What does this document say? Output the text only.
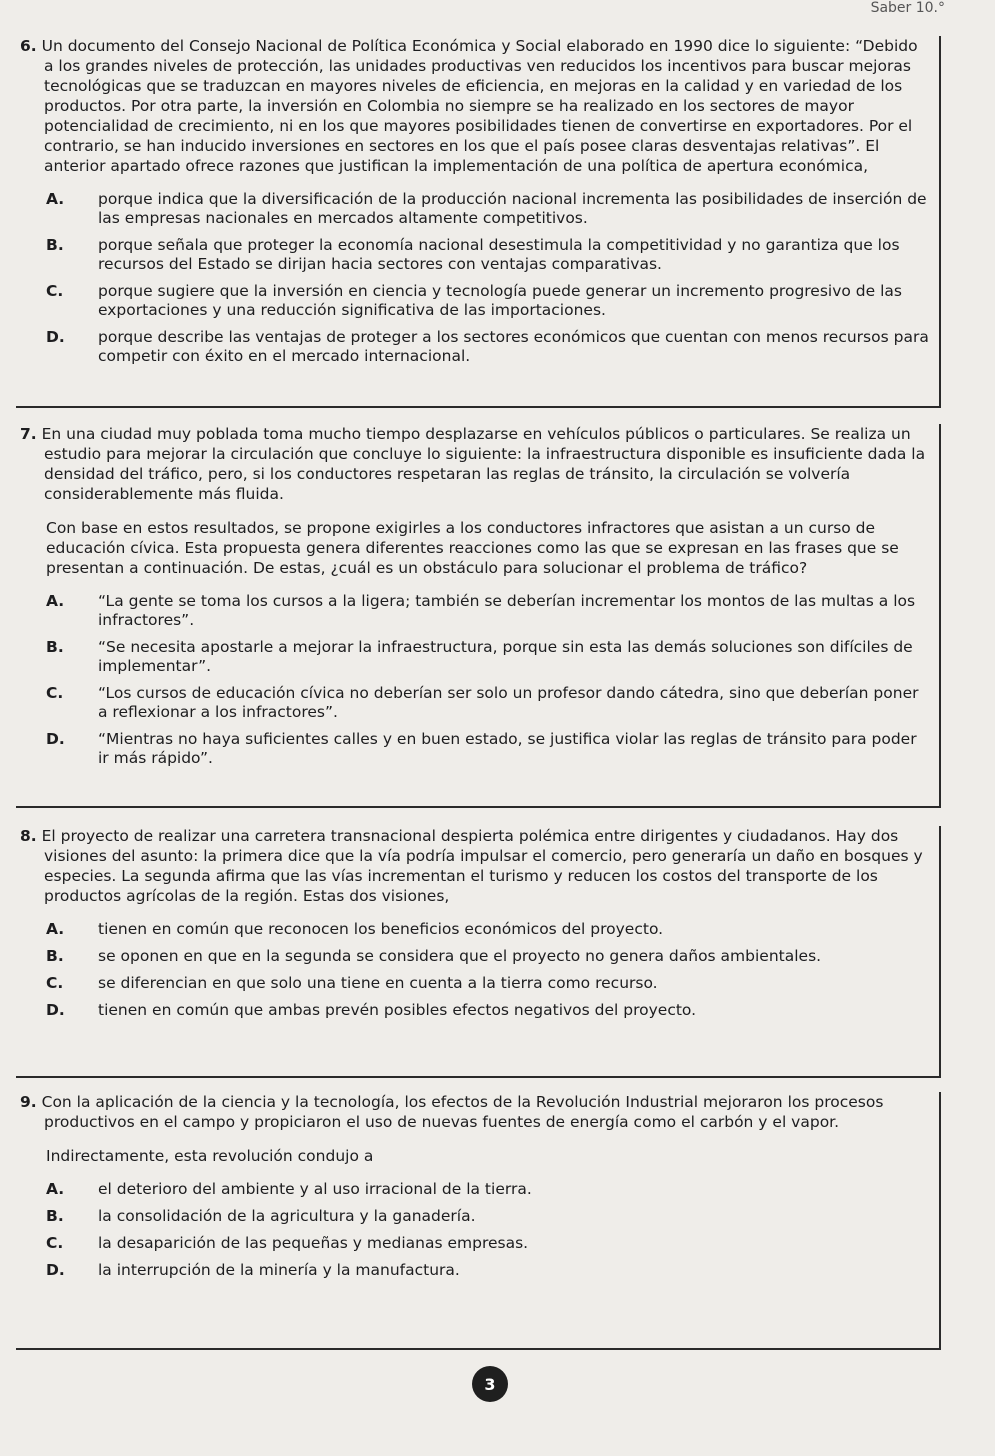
Saber 10.°

6. Un documento del Consejo Nacional de Política Económica y Social elaborado en 1990 dice lo siguiente: “Debido a los grandes niveles de protección, las unidades productivas ven reducidos los incentivos para buscar mejoras tecnológicas que se traduzcan en mayores niveles de eficiencia, en mejoras en la calidad y en variedad de los productos. Por otra parte, la inversión en Colombia no siempre se ha realizado en los sectores de mayor potencialidad de crecimiento, ni en los que mayores posibilidades tienen de convertirse en exportadores. Por el contrario, se han inducido inversiones en sectores en los que el país posee claras desventajas relativas”. El anterior apartado ofrece razones que justifican la implementación de una política de apertura económica,

A.	porque indica que la diversificación de la producción nacional incrementa las posibilidades de inserción de las empresas nacionales en mercados altamente competitivos.
B.	porque señala que proteger la economía nacional desestimula la competitividad y no garantiza que los recursos del Estado se dirijan hacia sectores con ventajas comparativas.
C.	porque sugiere que la inversión en ciencia y tecnología puede generar un incremento progresivo de las exportaciones y una reducción significativa de las importaciones.
D.	porque describe las ventajas de proteger a los sectores económicos que cuentan con menos recursos para competir con éxito en el mercado internacional.

7. En una ciudad muy poblada toma mucho tiempo desplazarse en vehículos públicos o particulares. Se realiza un estudio para mejorar la circulación que concluye lo siguiente: la infraestructura disponible es insuficiente dada la densidad del tráfico, pero, si los conductores respetaran las reglas de tránsito, la circulación se volvería considerablemente más fluida.

Con base en estos resultados, se propone exigirles a los conductores infractores que asistan a un curso de educación cívica. Esta propuesta genera diferentes reacciones como las que se expresan en las frases que se presentan a continuación. De estas, ¿cuál es un obstáculo para solucionar el problema de tráfico?

A.	“La gente se toma los cursos a la ligera; también se deberían incrementar los montos de las multas a los infractores”.
B.	“Se necesita apostarle a mejorar la infraestructura, porque sin esta las demás soluciones son difíciles de implementar”.
C.	“Los cursos de educación cívica no deberían ser solo un profesor dando cátedra, sino que deberían poner a reflexionar a los infractores”.
D.	“Mientras no haya suficientes calles y en buen estado, se justifica violar las reglas de tránsito para poder ir más rápido”.

8. El proyecto de realizar una carretera transnacional despierta polémica entre dirigentes y ciudadanos. Hay dos visiones del asunto: la primera dice que la vía podría impulsar el comercio, pero generaría un daño en bosques y especies. La segunda afirma que las vías incrementan el turismo y reducen los costos del transporte de los productos agrícolas de la región. Estas dos visiones,

A.	tienen en común que reconocen los beneficios económicos del proyecto.
B.	se oponen en que en la segunda se considera que el proyecto no genera daños ambientales.
C.	se diferencian en que solo una tiene en cuenta a la tierra como recurso.
D.	tienen en común que ambas prevén posibles efectos negativos del proyecto.

9. Con la aplicación de la ciencia y la tecnología, los efectos de la Revolución Industrial mejoraron los procesos productivos en el campo y propiciaron el uso de nuevas fuentes de energía como el carbón y el vapor.

Indirectamente, esta revolución condujo a

A.	el deterioro del ambiente y al uso irracional de la tierra.
B.	la consolidación de la agricultura y la ganadería.
C.	la desaparición de las pequeñas y medianas empresas.
D.	la interrupción de la minería y la manufactura.
3
